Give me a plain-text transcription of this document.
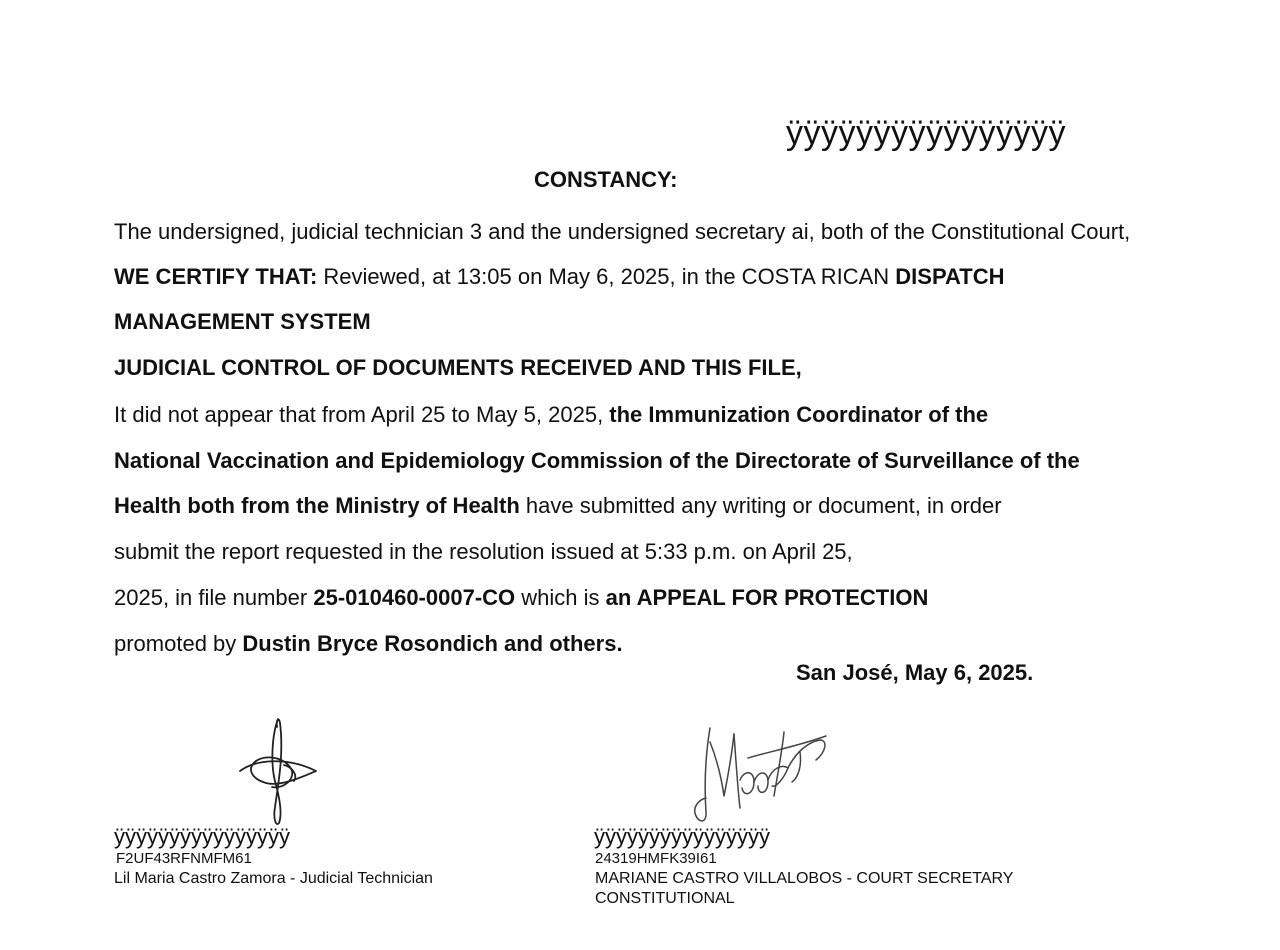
ÿÿÿÿÿÿÿÿÿÿÿÿÿÿÿÿ
CONSTANCY:
The undersigned, judicial technician 3 and the undersigned secretary ai, both of the Constitutional Court,
WE CERTIFY THAT: Reviewed, at 13:05 on May 6, 2025, in the COSTA RICAN DISPATCH
MANAGEMENT SYSTEM
JUDICIAL CONTROL OF DOCUMENTS RECEIVED AND THIS FILE,
It did not appear that from April 25 to May 5, 2025, the Immunization Coordinator of the
National Vaccination and Epidemiology Commission of the Directorate of Surveillance of the
Health both from the Ministry of Health have submitted any writing or document, in order
submit the report requested in the resolution issued at 5:33 p.m. on April 25,
2025, in file number 25-010460-0007-CO which is an APPEAL FOR PROTECTION
promoted by Dustin Bryce Rosondich and others.
San José, May 6, 2025.
ÿÿÿÿÿÿÿÿÿÿÿÿÿÿÿÿ
F2UF43RFNMFM61
Lil Maria Castro Zamora - Judicial Technician
ÿÿÿÿÿÿÿÿÿÿÿÿÿÿÿÿ
24319HMFK39I61
MARIANE CASTRO VILLALOBOS - COURT SECRETARY
CONSTITUTIONAL
